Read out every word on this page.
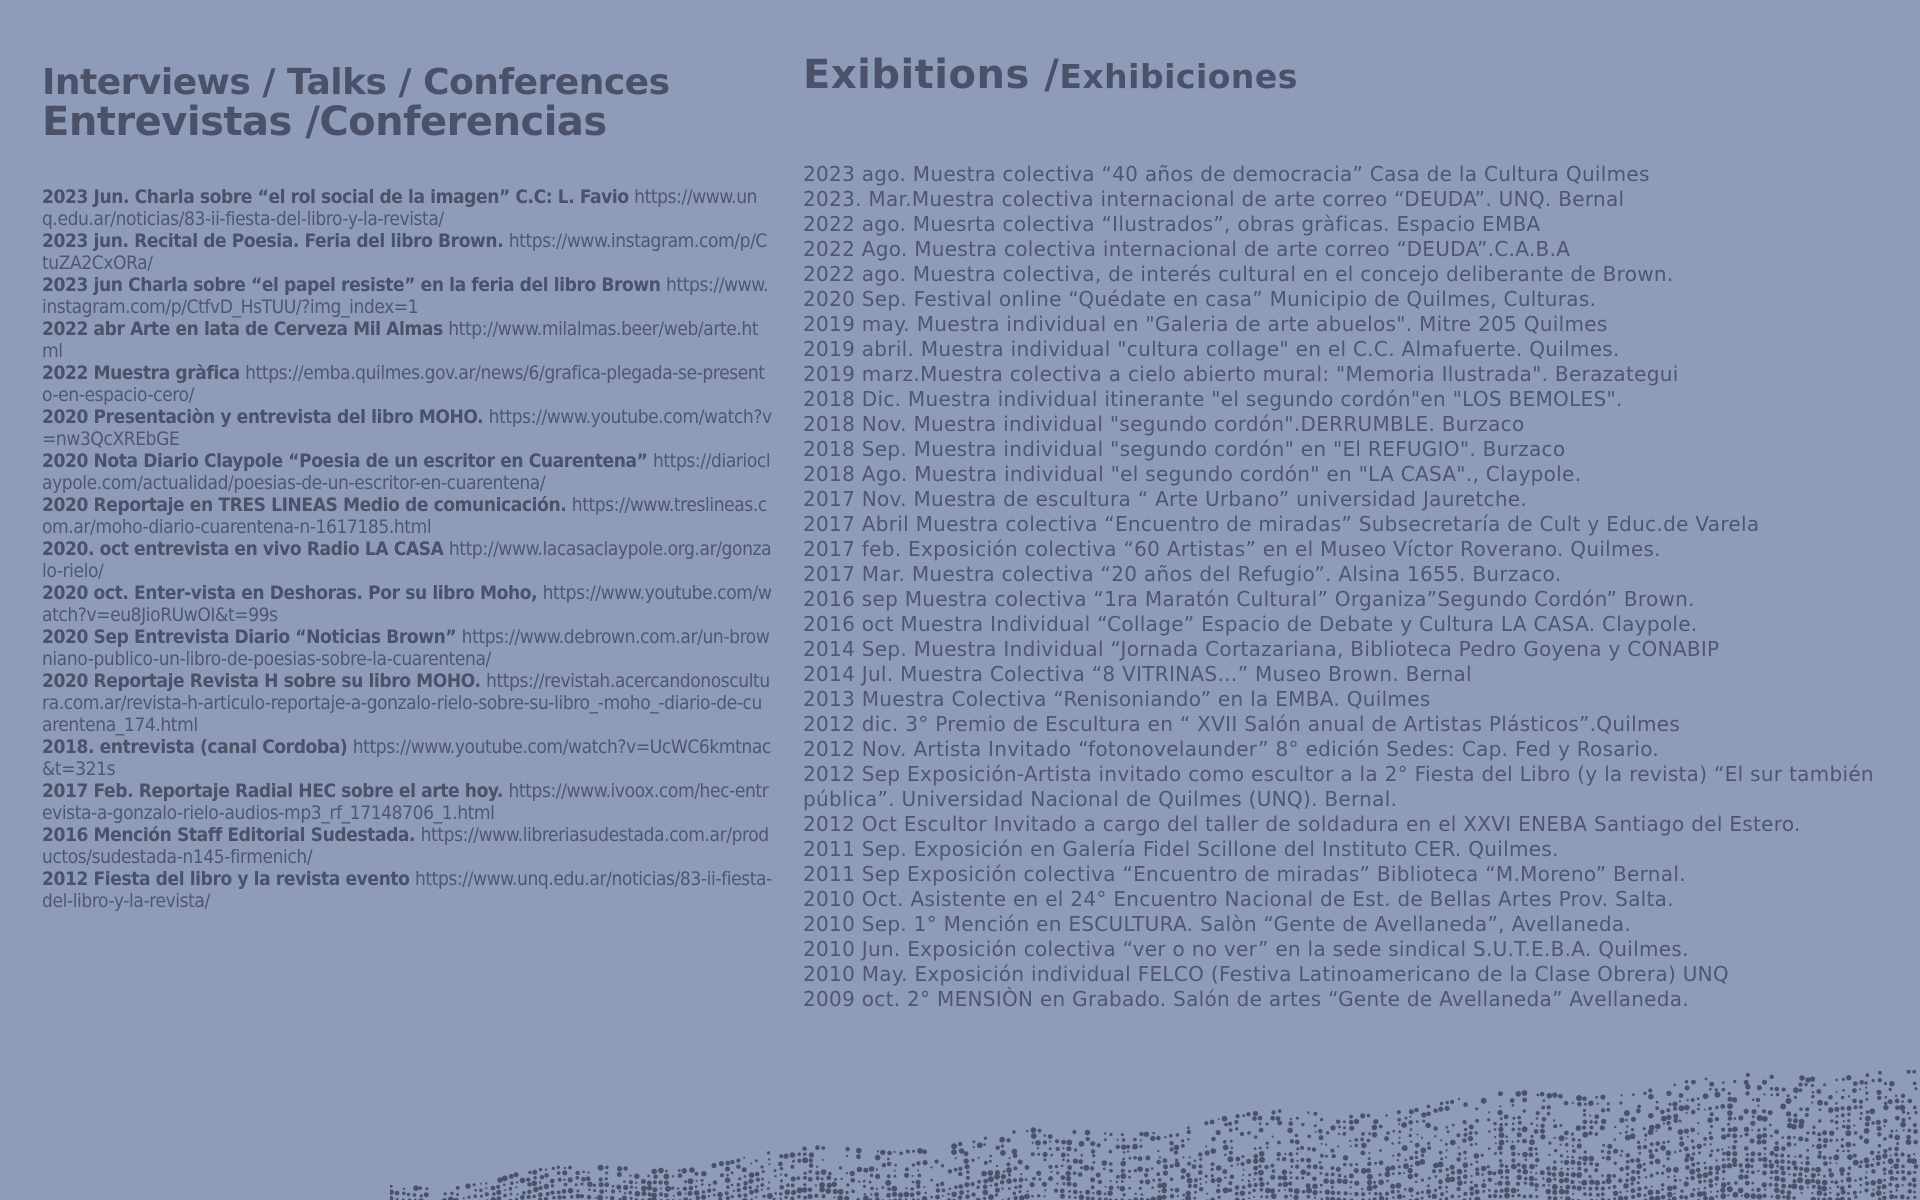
Interviews / Talks / Conferences
Entrevistas /Conferencias

2023 Jun. Charla sobre “el rol social de la imagen” C.C: L. Favio https://www.unq.edu.ar/noticias/83-ii-fiesta-del-libro-y-la-revista/

2023 jun. Recital de Poesia. Feria del libro Brown. https://www.instagram.com/p/CtuZA2CxORa/

2023 jun Charla sobre “el papel resiste” en la feria del libro Brown https://www.instagram.com/p/CtfvD_HsTUU/?img_index=1

2022 abr Arte en lata de Cerveza Mil Almas http://www.milalmas.beer/web/arte.html

2022 Muestra gràfica https://emba.quilmes.gov.ar/news/6/grafica-plegada-se-presento-en-espacio-cero/

2020 Presentaciòn y entrevista del libro MOHO. https://www.youtube.com/watch?v=nw3QcXREbGE

2020 Nota Diario Claypole “Poesia de un escritor en Cuarentena” https://diarioclaypole.com/actualidad/poesias-de-un-escritor-en-cuarentena/

2020 Reportaje en TRES LINEAS Medio de comunicación. https://www.treslineas.com.ar/moho-diario-cuarentena-n-1617185.html

2020. oct entrevista en vivo Radio LA CASA http://www.lacasaclaypole.org.ar/gonzalo-rielo/

2020 oct. Enter-vista en Deshoras. Por su libro Moho, https://www.youtube.com/watch?v=eu8JioRUwOI&t=99s

2020 Sep Entrevista Diario “Noticias Brown” https://www.debrown.com.ar/un-browniano-publico-un-libro-de-poesias-sobre-la-cuarentena/

2020 Reportaje Revista H sobre su libro MOHO. https://revistah.acercandonoscultura.com.ar/revista-h-articulo-reportaje-a-gonzalo-rielo-sobre-su-libro_-moho_-diario-de-cuarentena_174.html

2018. entrevista (canal Cordoba) https://www.youtube.com/watch?v=UcWC6kmtnac&t=321s

2017 Feb. Reportaje Radial HEC sobre el arte hoy. https://www.ivoox.com/hec-entrevista-a-gonzalo-rielo-audios-mp3_rf_17148706_1.html

2016 Mención Staff Editorial Sudestada. https://www.libreriasudestada.com.ar/productos/sudestada-n145-firmenich/

2012 Fiesta del libro y la revista evento https://www.unq.edu.ar/noticias/83-ii-fiesta-del-libro-y-la-revista/

Exibitions /Exhibiciones

2023 ago. Muestra colectiva “40 años de democracia” Casa de la Cultura Quilmes

2023. Mar.Muestra colectiva internacional de arte correo “DEUDA”. UNQ. Bernal

2022 ago. Muesrta colectiva “Ilustrados”, obras gràficas. Espacio EMBA

2022 Ago. Muestra colectiva internacional de arte correo “DEUDA”.C.A.B.A

2022 ago. Muestra colectiva, de interés cultural en el concejo deliberante de Brown.

2020 Sep. Festival online “Quédate en casa” Municipio de Quilmes, Culturas.

2019 may. Muestra individual en "Galeria de arte abuelos". Mitre 205 Quilmes

2019 abril. Muestra individual "cultura collage" en el C.C. Almafuerte. Quilmes.

2019 marz.Muestra colectiva a cielo abierto mural: "Memoria Ilustrada". Berazategui

2018 Dic. Muestra individual itinerante "el segundo cordón"en "LOS BEMOLES".

2018 Nov. Muestra individual "segundo cordón".DERRUMBLE. Burzaco

2018 Sep. Muestra individual "segundo cordón" en "El REFUGIO". Burzaco

2018 Ago. Muestra individual "el segundo cordón" en "LA CASA"., Claypole.

2017 Nov. Muestra de escultura “ Arte Urbano” universidad Jauretche.

2017 Abril Muestra colectiva “Encuentro de miradas” Subsecretaría de Cult y Educ.de Varela

2017 feb. Exposición colectiva “60 Artistas” en el Museo Víctor Roverano. Quilmes.

2017 Mar. Muestra colectiva “20 años del Refugio”. Alsina 1655. Burzaco.

2016 sep Muestra colectiva “1ra Maratón Cultural” Organiza”Segundo Cordón” Brown.

2016 oct Muestra Individual “Collage” Espacio de Debate y Cultura LA CASA. Claypole.

2014 Sep. Muestra Individual “Jornada Cortazariana, Biblioteca Pedro Goyena y CONABIP

2014 Jul. Muestra Colectiva “8 VITRINAS…” Museo Brown. Bernal

2013 Muestra Colectiva “Renisoniando” en la EMBA. Quilmes

2012 dic. 3° Premio de Escultura en “ XVII Salón anual de Artistas Plásticos”.Quilmes

2012 Nov. Artista Invitado “fotonovelaunder” 8° edición Sedes: Cap. Fed y Rosario.

2012 Sep Exposición-Artista invitado como escultor a la 2° Fiesta del Libro (y la revista) “El sur también pública”. Universidad Nacional de Quilmes (UNQ). Bernal.

2012 Oct Escultor Invitado a cargo del taller de soldadura en el XXVI ENEBA Santiago del Estero.

2011 Sep. Exposición en Galería Fidel Scillone del Instituto CER. Quilmes.

2011 Sep Exposición colectiva “Encuentro de miradas” Biblioteca “M.Moreno” Bernal.

2010 Oct. Asistente en el 24° Encuentro Nacional de Est. de Bellas Artes Prov. Salta.

2010 Sep. 1° Mención en ESCULTURA. Salòn “Gente de Avellaneda”, Avellaneda.

2010 Jun. Exposición colectiva “ver o no ver” en la sede sindical S.U.T.E.B.A. Quilmes.

2010 May. Exposición individual FELCO (Festiva Latinoamericano de la Clase Obrera) UNQ

2009 oct. 2° MENSIÒN en Grabado. Salón de artes “Gente de Avellaneda” Avellaneda.
